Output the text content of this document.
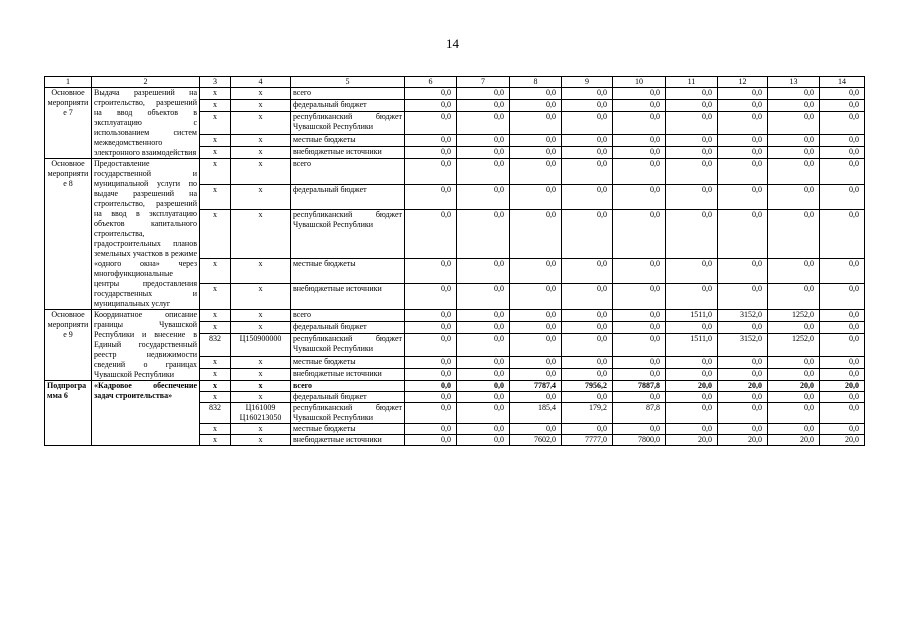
14
1	2	3	4	5	6	7	8	9	10	11	12	13	14
Основное мероприятие 7	Выдача разрешений на строительство, разрешений на ввод объектов в эксплуатацию с использованием систем межведомственного электронного взаимодействия	x	x	всего	0,0	0,0	0,0	0,0	0,0	0,0	0,0	0,0	0,0
		x	x	федеральный бюджет	0,0	0,0	0,0	0,0	0,0	0,0	0,0	0,0	0,0
		x	x	республиканский бюджет Чувашской Республики	0,0	0,0	0,0	0,0	0,0	0,0	0,0	0,0	0,0
		x	x	местные бюджеты	0,0	0,0	0,0	0,0	0,0	0,0	0,0	0,0	0,0
		x	x	внебюджетные источники	0,0	0,0	0,0	0,0	0,0	0,0	0,0	0,0	0,0
Основное мероприятие 8	Предоставление государственной и муниципальной услуги по выдаче разрешений на строительство, разрешений на ввод в эксплуатацию объектов капитального строительства, градостроительных планов земельных участков в режиме «одного окна» через многофункциональные центры предоставления государственных и муниципальных услуг	x	x	всего	0,0	0,0	0,0	0,0	0,0	0,0	0,0	0,0	0,0
		x	x	федеральный бюджет	0,0	0,0	0,0	0,0	0,0	0,0	0,0	0,0	0,0
		x	x	республиканский бюджет Чувашской Республики	0,0	0,0	0,0	0,0	0,0	0,0	0,0	0,0	0,0
		x	x	местные бюджеты	0,0	0,0	0,0	0,0	0,0	0,0	0,0	0,0	0,0
		x	x	внебюджетные источники	0,0	0,0	0,0	0,0	0,0	0,0	0,0	0,0	0,0
Основное мероприятие 9	Координатное описание границы Чувашской Республики и внесение в Единый государственный реестр недвижимости сведений о границах Чувашской Республики	x	x	всего	0,0	0,0	0,0	0,0	0,0	1511,0	3152,0	1252,0	0,0
		x	x	федеральный бюджет	0,0	0,0	0,0	0,0	0,0	0,0	0,0	0,0	0,0
		832	Ц150900000	республиканский бюджет Чувашской Республики	0,0	0,0	0,0	0,0	0,0	1511,0	3152,0	1252,0	0,0
		x	x	местные бюджеты	0,0	0,0	0,0	0,0	0,0	0,0	0,0	0,0	0,0
		x	x	внебюджетные источники	0,0	0,0	0,0	0,0	0,0	0,0	0,0	0,0	0,0
Подпрограмма 6	«Кадровое обеспечение задач строительства»	x	x	всего	0,0	0,0	7787,4	7956,2	7887,8	20,0	20,0	20,0	20,0
		x	x	федеральный бюджет	0,0	0,0	0,0	0,0	0,0	0,0	0,0	0,0	0,0
		832	Ц161009 Ц160213050	республиканский бюджет Чувашской Республики	0,0	0,0	185,4	179,2	87,8	0,0	0,0	0,0	0,0
		x	x	местные бюджеты	0,0	0,0	0,0	0,0	0,0	0,0	0,0	0,0	0,0
		x	x	внебюджетные источники	0,0	0,0	7602,0	7777,0	7800,0	20,0	20,0	20,0	20,0
